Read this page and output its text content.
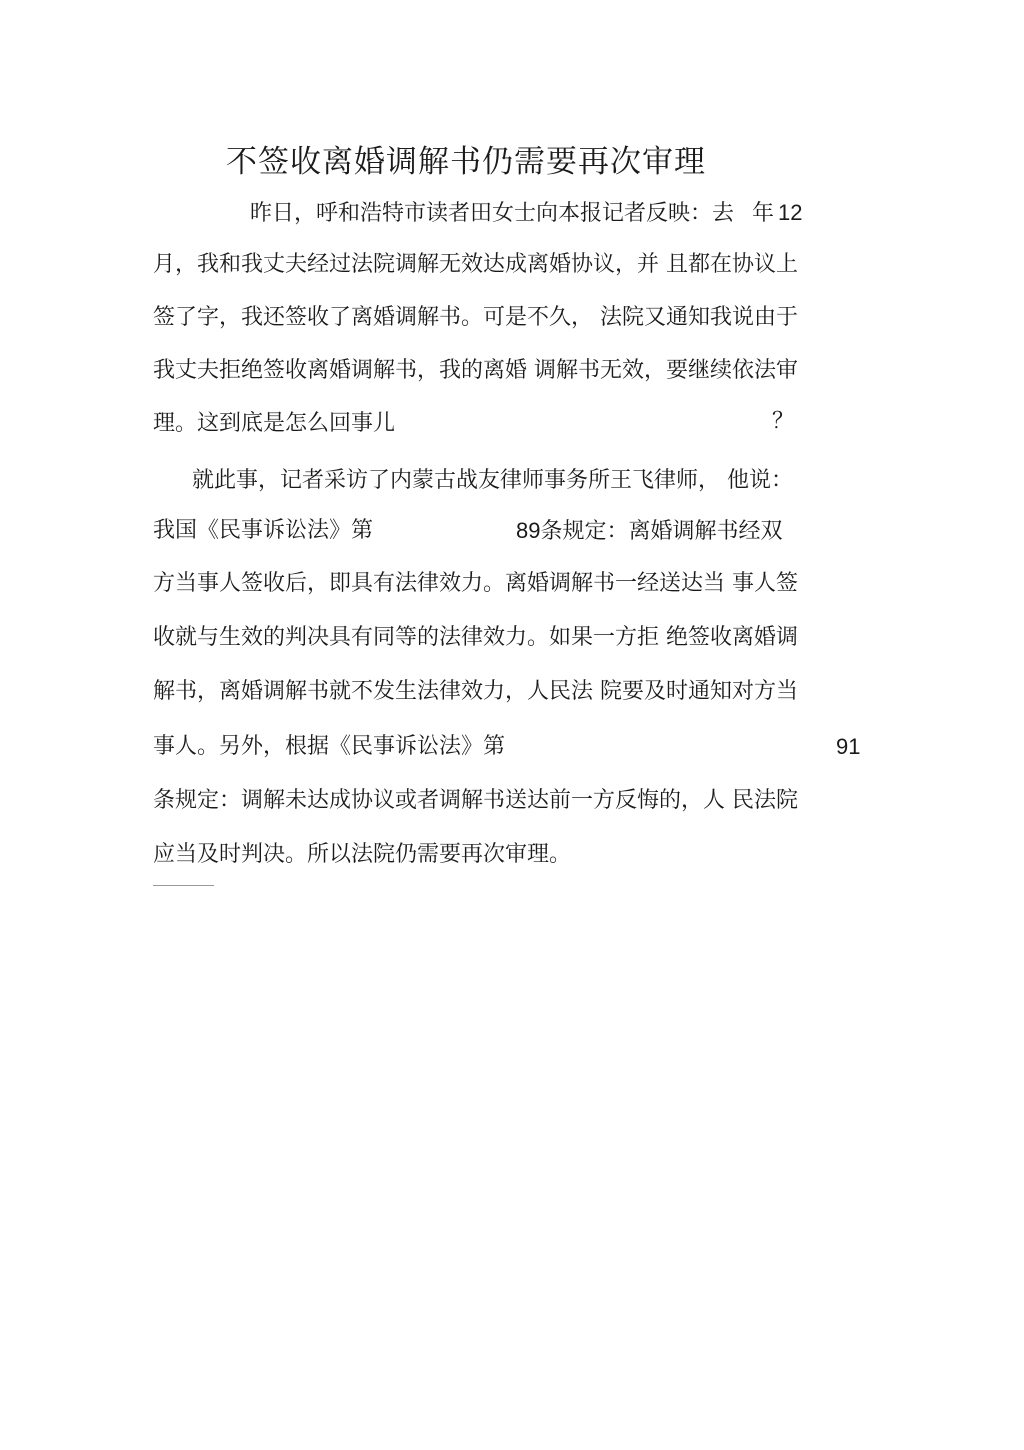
不签收离婚调解书仍需要再次审理
昨日，呼和浩特市读者田女士向本报记者反映：去 年 12
月，我和我丈夫经过法院调解无效达成离婚协议，并 且都在协议上
签了字，我还签收了离婚调解书。可是不久， 法院又通知我说由于
我丈夫拒绝签收离婚调解书，我的离婚 调解书无效，要继续依法审
理。这到底是怎么回事儿	？
就此事，记者采访了内蒙古战友律师事务所王飞律师， 他说：
我国《民事诉讼法》第	89条规定：离婚调解书经双
方当事人签收后，即具有法律效力。离婚调解书一经送达当 事人签
收就与生效的判决具有同等的法律效力。如果一方拒 绝签收离婚调
解书，离婚调解书就不发生法律效力，人民法 院要及时通知对方当
事人。另外，根据《民事诉讼法》第	91
条规定：调解未达成协议或者调解书送达前一方反悔的，人 民法院
应当及时判决。所以法院仍需要再次审理。
